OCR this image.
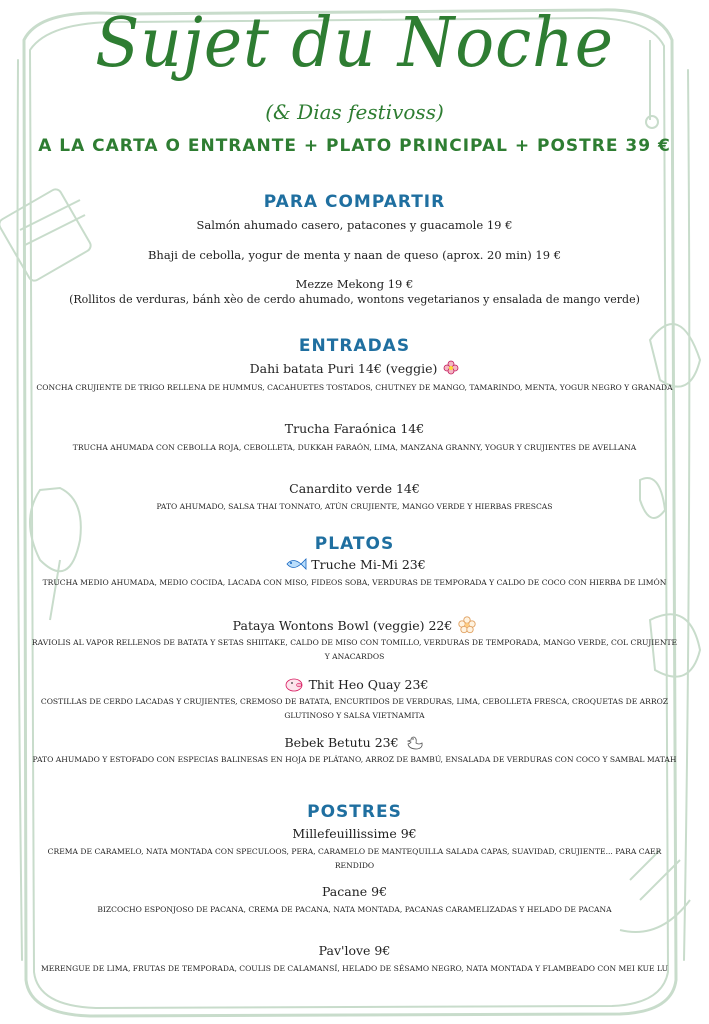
Sujet du Noche
(& Dias festivoss)
A LA CARTA O ENTRANTE + PLATO PRINCIPAL + POSTRE 39 €
PARA COMPARTIR
Salmón ahumado casero, patacones y guacamole 19 €
Bhaji de cebolla, yogur de menta y naan de queso (aprox. 20 min) 19 €
Mezze Mekong 19 €
(Rollitos de verduras, bánh xèo de cerdo ahumado, wontons vegetarianos y ensalada de mango verde)
ENTRADAS
Dahi batata Puri 14€ (veggie)
CONCHA CRUJIENTE DE TRIGO RELLENA DE HUMMUS, CACAHUETES TOSTADOS, CHUTNEY DE MANGO, TAMARINDO, MENTA, YOGUR NEGRO Y GRANADA
Trucha Faraónica 14€
TRUCHA AHUMADA CON CEBOLLA ROJA, CEBOLLETA, DUKKAH FARAÓN, LIMA, MANZANA GRANNY, YOGUR Y CRUJIENTES DE AVELLANA
Canardito verde 14€
PATO AHUMADO, SALSA THAI TONNATO, ATÚN CRUJIENTE, MANGO VERDE Y HIERBAS FRESCAS
PLATOS
Truche Mi-Mi 23€
TRUCHA MEDIO AHUMADA, MEDIO COCIDA, LACADA CON MISO, FIDEOS SOBA, VERDURAS DE TEMPORADA Y CALDO DE COCO CON HIERBA DE LIMÓN
Pataya Wontons Bowl (veggie) 22€
RAVIOLIS AL VAPOR RELLENOS DE BATATA Y SETAS SHIITAKE, CALDO DE MISO CON TOMILLO, VERDURAS DE TEMPORADA, MANGO VERDE, COL CRUJIENTE Y ANACARDOS
Thit Heo Quay 23€
COSTILLAS DE CERDO LACADAS Y CRUJIENTES, CREMOSO DE BATATA, ENCURTIDOS DE VERDURAS, LIMA, CEBOLLETA FRESCA, CROQUETAS DE ARROZ GLUTINOSO Y SALSA VIETNAMITA
Bebek Betutu 23€
PATO AHUMADO Y ESTOFADO CON ESPECIAS BALINESAS EN HOJA DE PLÁTANO, ARROZ DE BAMBÚ, ENSALADA DE VERDURAS CON COCO Y SAMBAL MATAH
POSTRES
Millefeuillissime 9€
CREMA DE CARAMELO, NATA MONTADA CON SPECULOOS, PERA, CARAMELO DE MANTEQUILLA SALADA CAPAS, SUAVIDAD, CRUJIENTE... PARA CAER RENDIDO
Pacane 9€
BIZCOCHO ESPONJOSO DE PACANA, CREMA DE PACANA, NATA MONTADA, PACANAS CARAMELIZADAS Y HELADO DE PACANA
Pav'love 9€
MERENGUE DE LIMA, FRUTAS DE TEMPORADA, COULIS DE CALAMANSÍ, HELADO DE SÉSAMO NEGRO, NATA MONTADA Y FLAMBEADO CON MEI KUE LU
